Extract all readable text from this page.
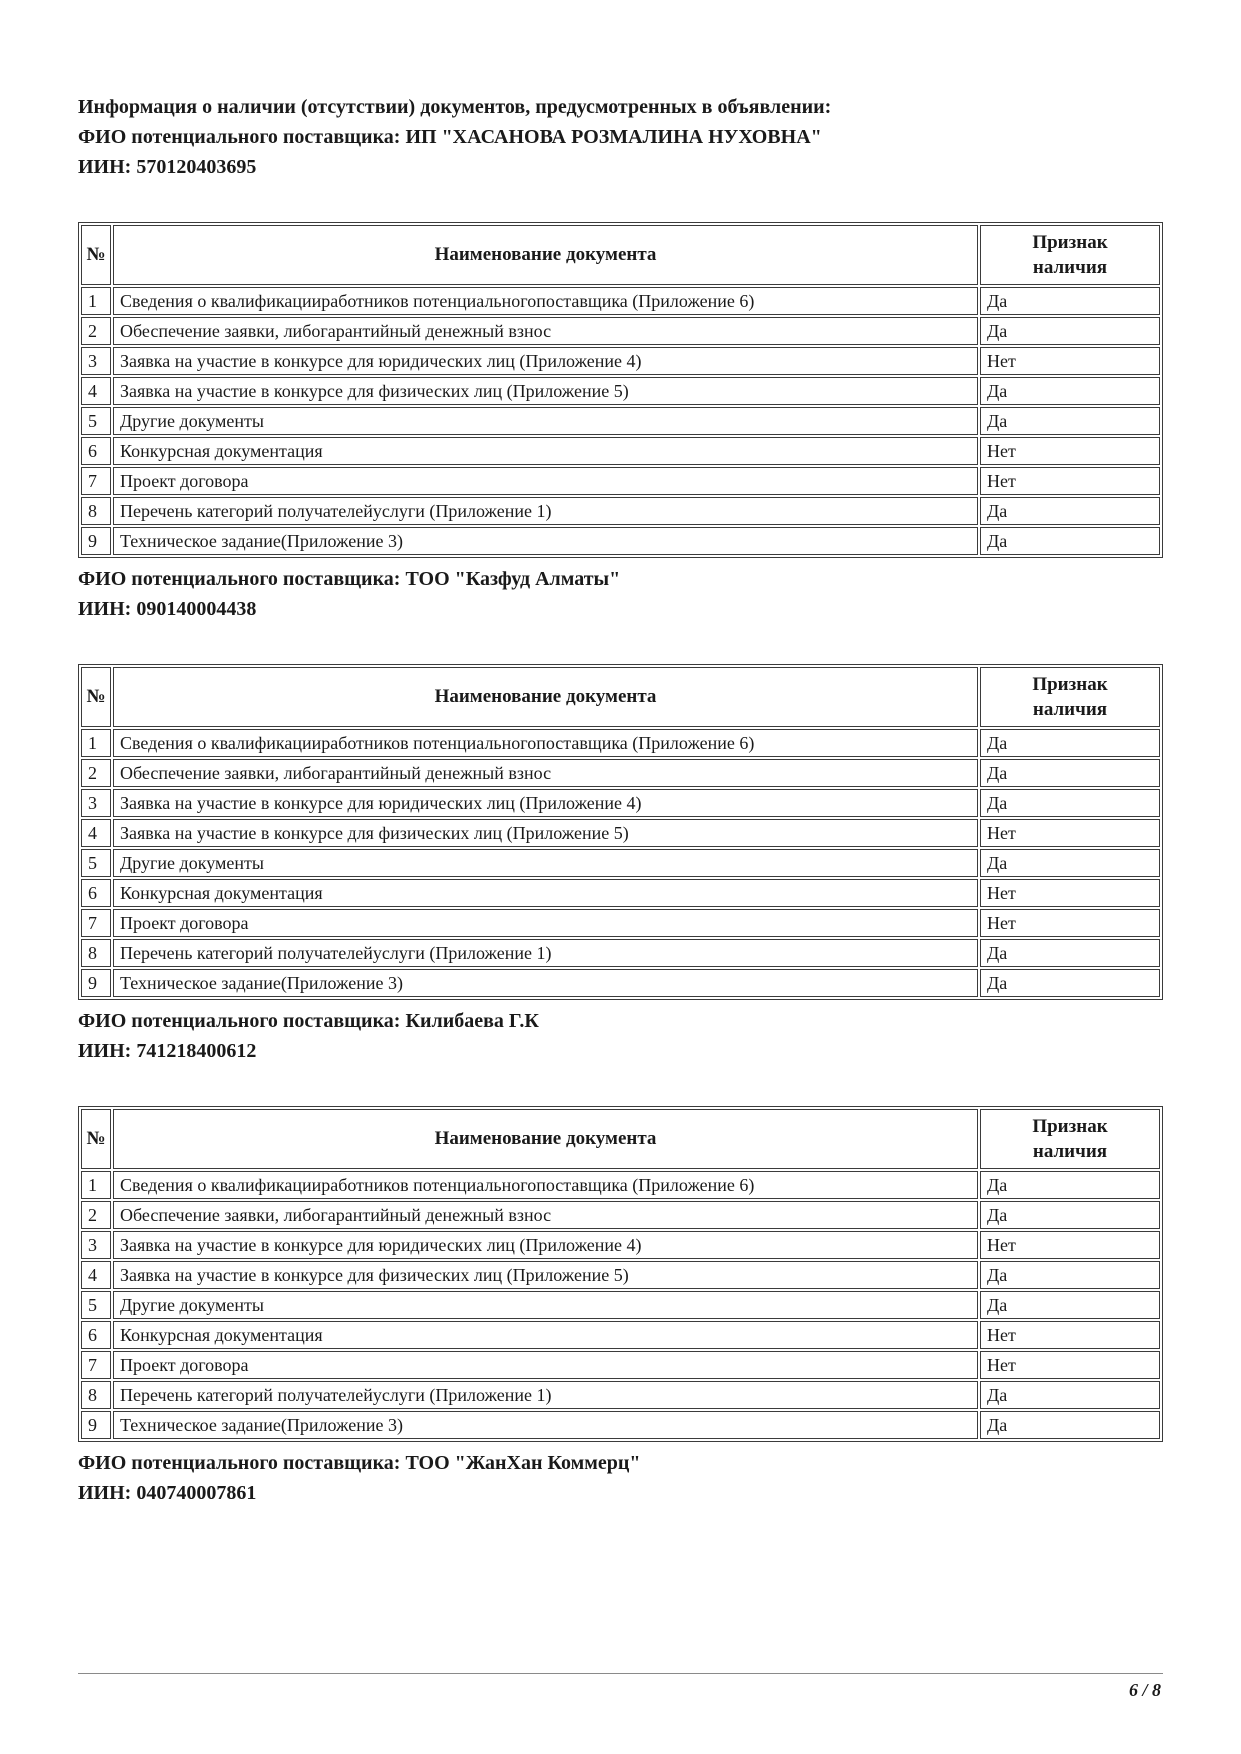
Информация о наличии (отсутствии) документов, предусмотренных в объявлении:

ФИО потенциального поставщика: ИП "ХАСАНОВА РОЗМАЛИНА НУХОВНА"

ИИН: 570120403695

№	Наименование документа	Признак наличия

1	Сведения о квалификацииработников потенциальногопоставщика (Приложение 6)	Да
2	Обеспечение заявки, либогарантийный денежный взнос	Да
3	Заявка на участие в конкурсе для юридических лиц (Приложение 4)	Нет
4	Заявка на участие в конкурсе для физических лиц (Приложение 5)	Да
5	Другие документы	Да
6	Конкурсная документация	Нет
7	Проект договора	Нет
8	Перечень категорий получателейуслуги (Приложение 1)	Да
9	Техническое задание(Приложение 3)	Да

ФИО потенциального поставщика: ТОО "Казфуд Алматы"

ИИН: 090140004438

№	Наименование документа	Признак наличия

1	Сведения о квалификацииработников потенциальногопоставщика (Приложение 6)	Да
2	Обеспечение заявки, либогарантийный денежный взнос	Да
3	Заявка на участие в конкурсе для юридических лиц (Приложение 4)	Да
4	Заявка на участие в конкурсе для физических лиц (Приложение 5)	Нет
5	Другие документы	Да
6	Конкурсная документация	Нет
7	Проект договора	Нет
8	Перечень категорий получателейуслуги (Приложение 1)	Да
9	Техническое задание(Приложение 3)	Да

ФИО потенциального поставщика: Килибаева Г.К

ИИН: 741218400612

№	Наименование документа	Признак наличия

1	Сведения о квалификацииработников потенциальногопоставщика (Приложение 6)	Да
2	Обеспечение заявки, либогарантийный денежный взнос	Да
3	Заявка на участие в конкурсе для юридических лиц (Приложение 4)	Нет
4	Заявка на участие в конкурсе для физических лиц (Приложение 5)	Да
5	Другие документы	Да
6	Конкурсная документация	Нет
7	Проект договора	Нет
8	Перечень категорий получателейуслуги (Приложение 1)	Да
9	Техническое задание(Приложение 3)	Да

ФИО потенциального поставщика: ТОО "ЖанХан Коммерц"

ИИН: 040740007861

6 / 8
